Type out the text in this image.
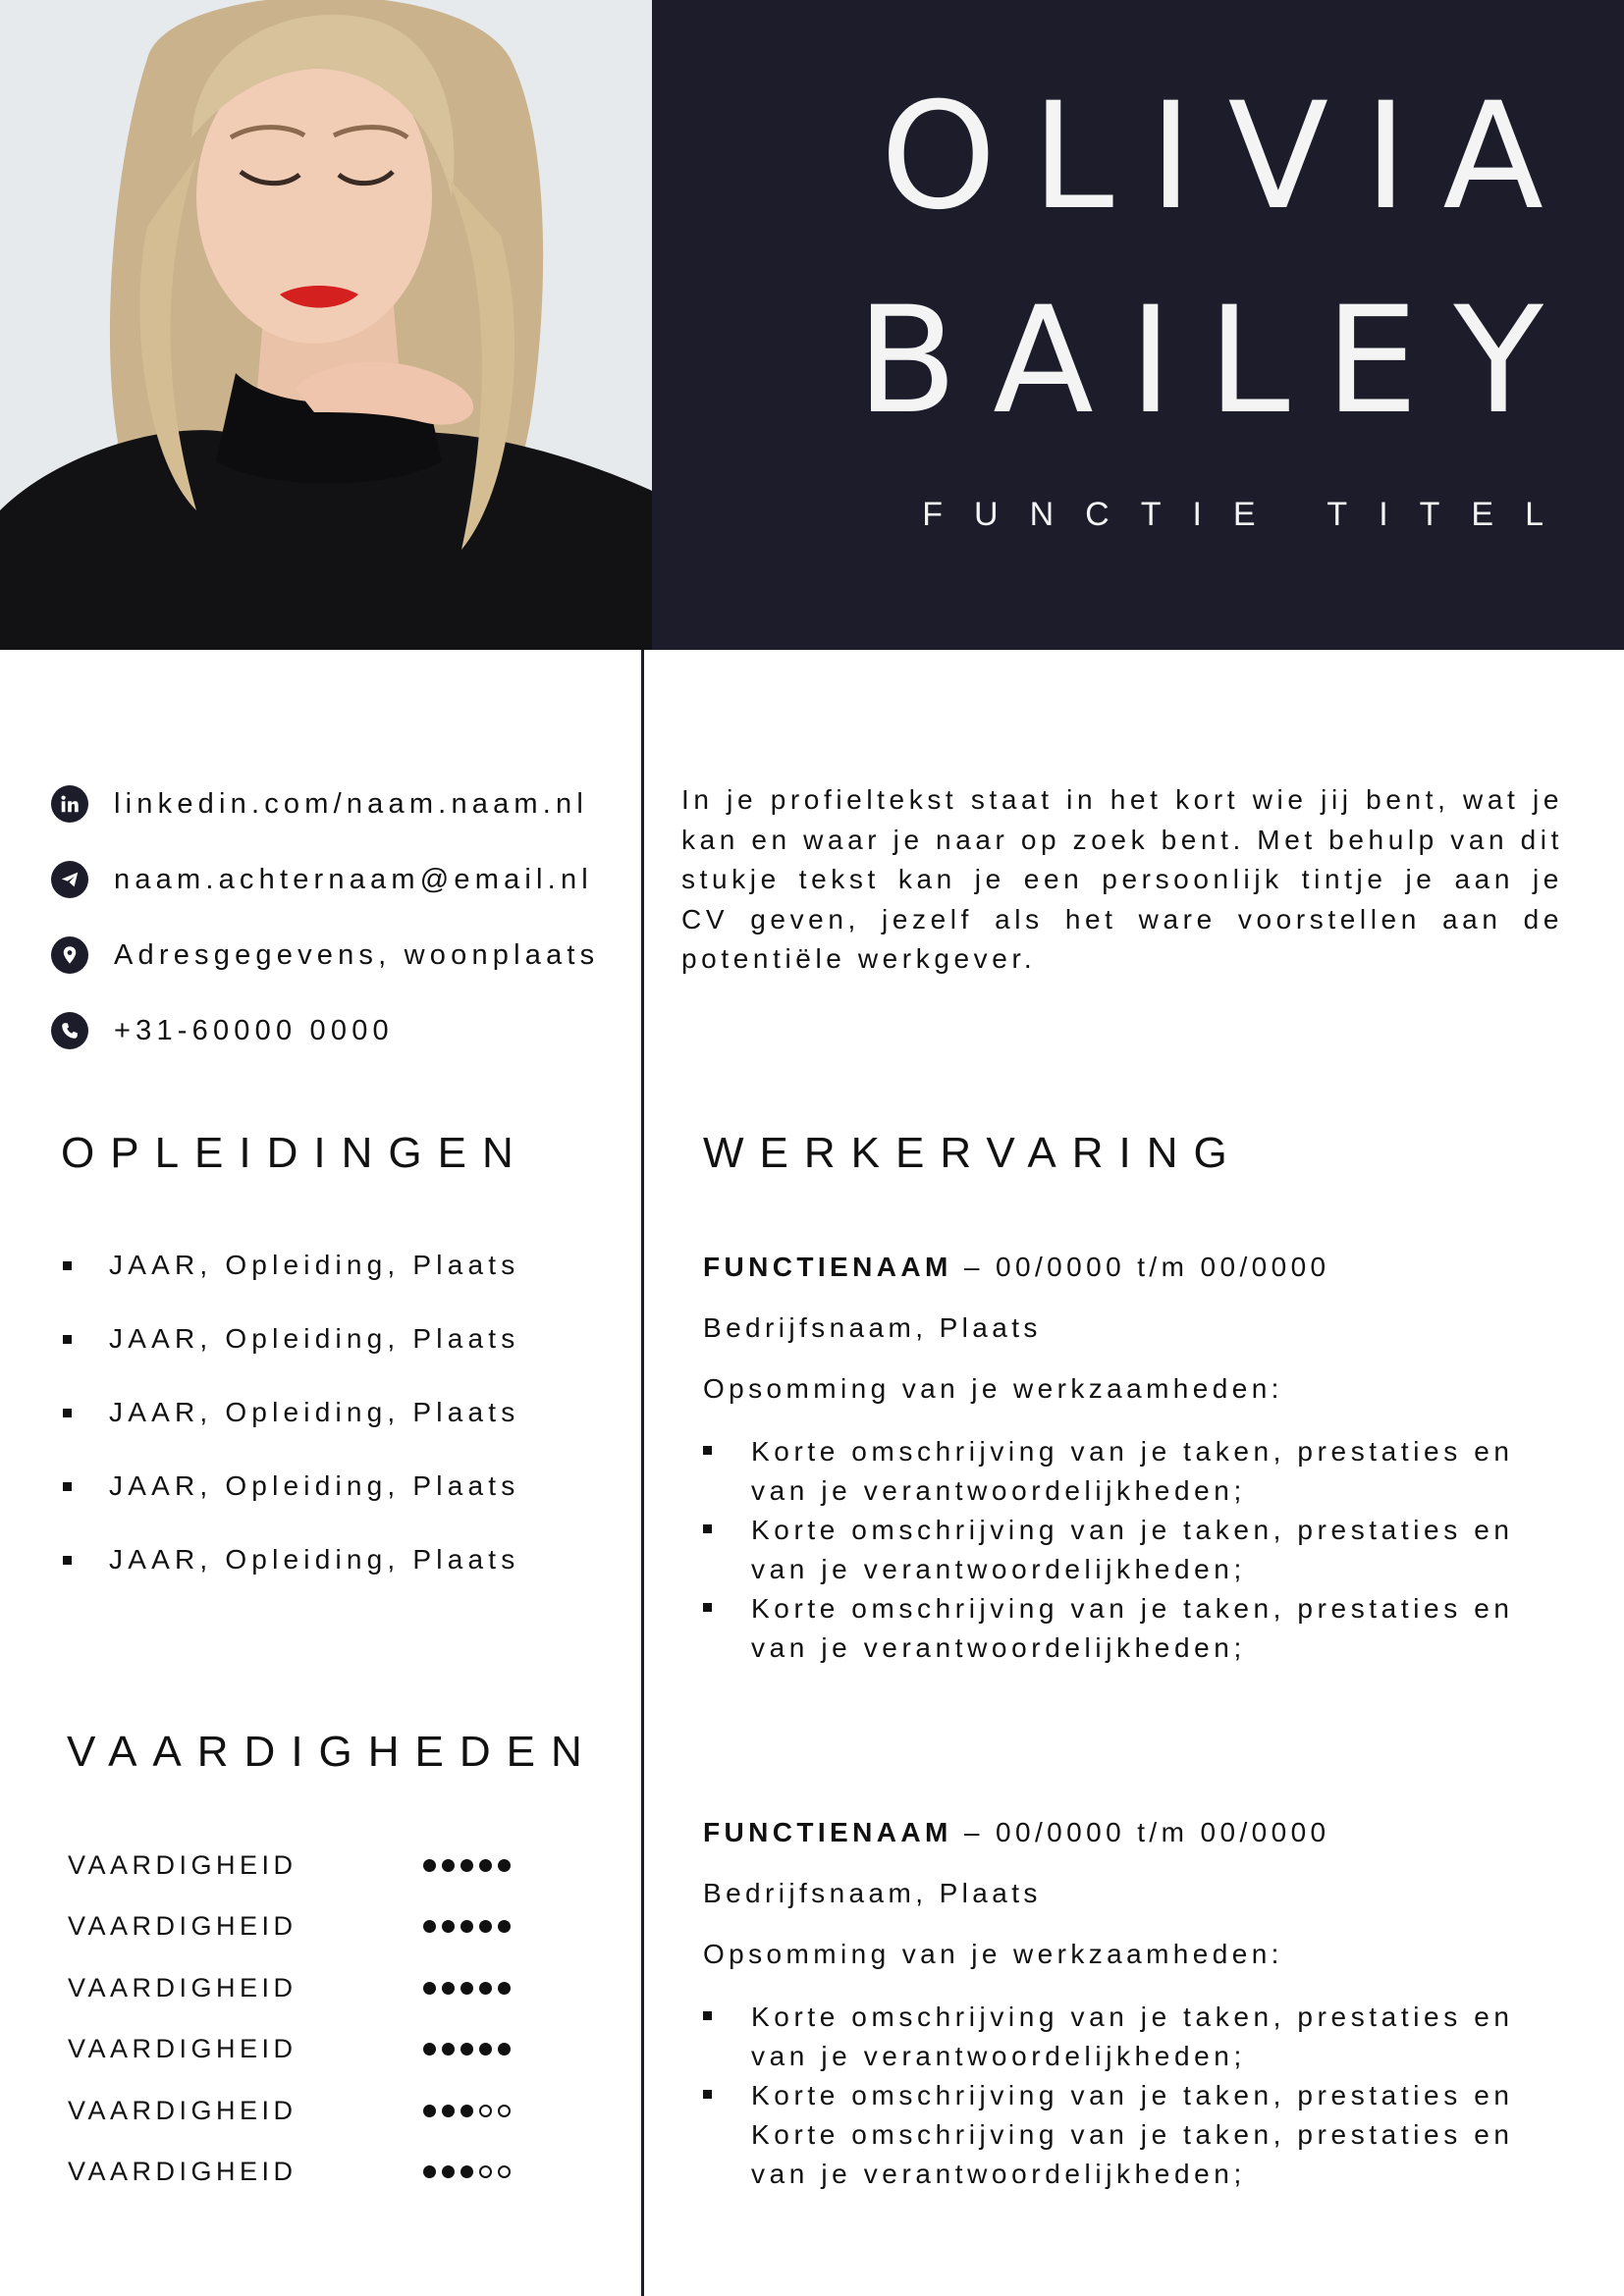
OLIVIA
BAILEY
FUNCTIE TITEL
linkedin.com/naam.naam.nl
naam.achternaam@email.nl
Adresgegevens, woonplaats
+31-60000 0000

In je profieltekst staat in het kort wie jij bent, wat je kan en waar je naar op zoek bent. Met behulp van dit stukje tekst kan je een persoonlijk tintje je aan je CV geven, jezelf als het ware voorstellen aan de potentiële werkgever.

OPLEIDINGEN
JAAR, Opleiding, Plaats
JAAR, Opleiding, Plaats
JAAR, Opleiding, Plaats
JAAR, Opleiding, Plaats
JAAR, Opleiding, Plaats
VAARDIGHEDEN
VAARDIGHEID
VAARDIGHEID
VAARDIGHEID
VAARDIGHEID
VAARDIGHEID
VAARDIGHEID
WERKERVARING
FUNCTIENAAM – 00/0000 t/m 00/0000
Bedrijfsnaam, Plaats
Opsomming van je werkzaamheden:
Korte omschrijving van je taken, prestaties en van je verantwoordelijkheden;
Korte omschrijving van je taken, prestaties en van je verantwoordelijkheden;
Korte omschrijving van je taken, prestaties en van je verantwoordelijkheden;
FUNCTIENAAM – 00/0000 t/m 00/0000
Bedrijfsnaam, Plaats
Opsomming van je werkzaamheden:
Korte omschrijving van je taken, prestaties en van je verantwoordelijkheden;
Korte omschrijving van je taken, prestaties en Korte omschrijving van je taken, prestaties en van je verantwoordelijkheden;
